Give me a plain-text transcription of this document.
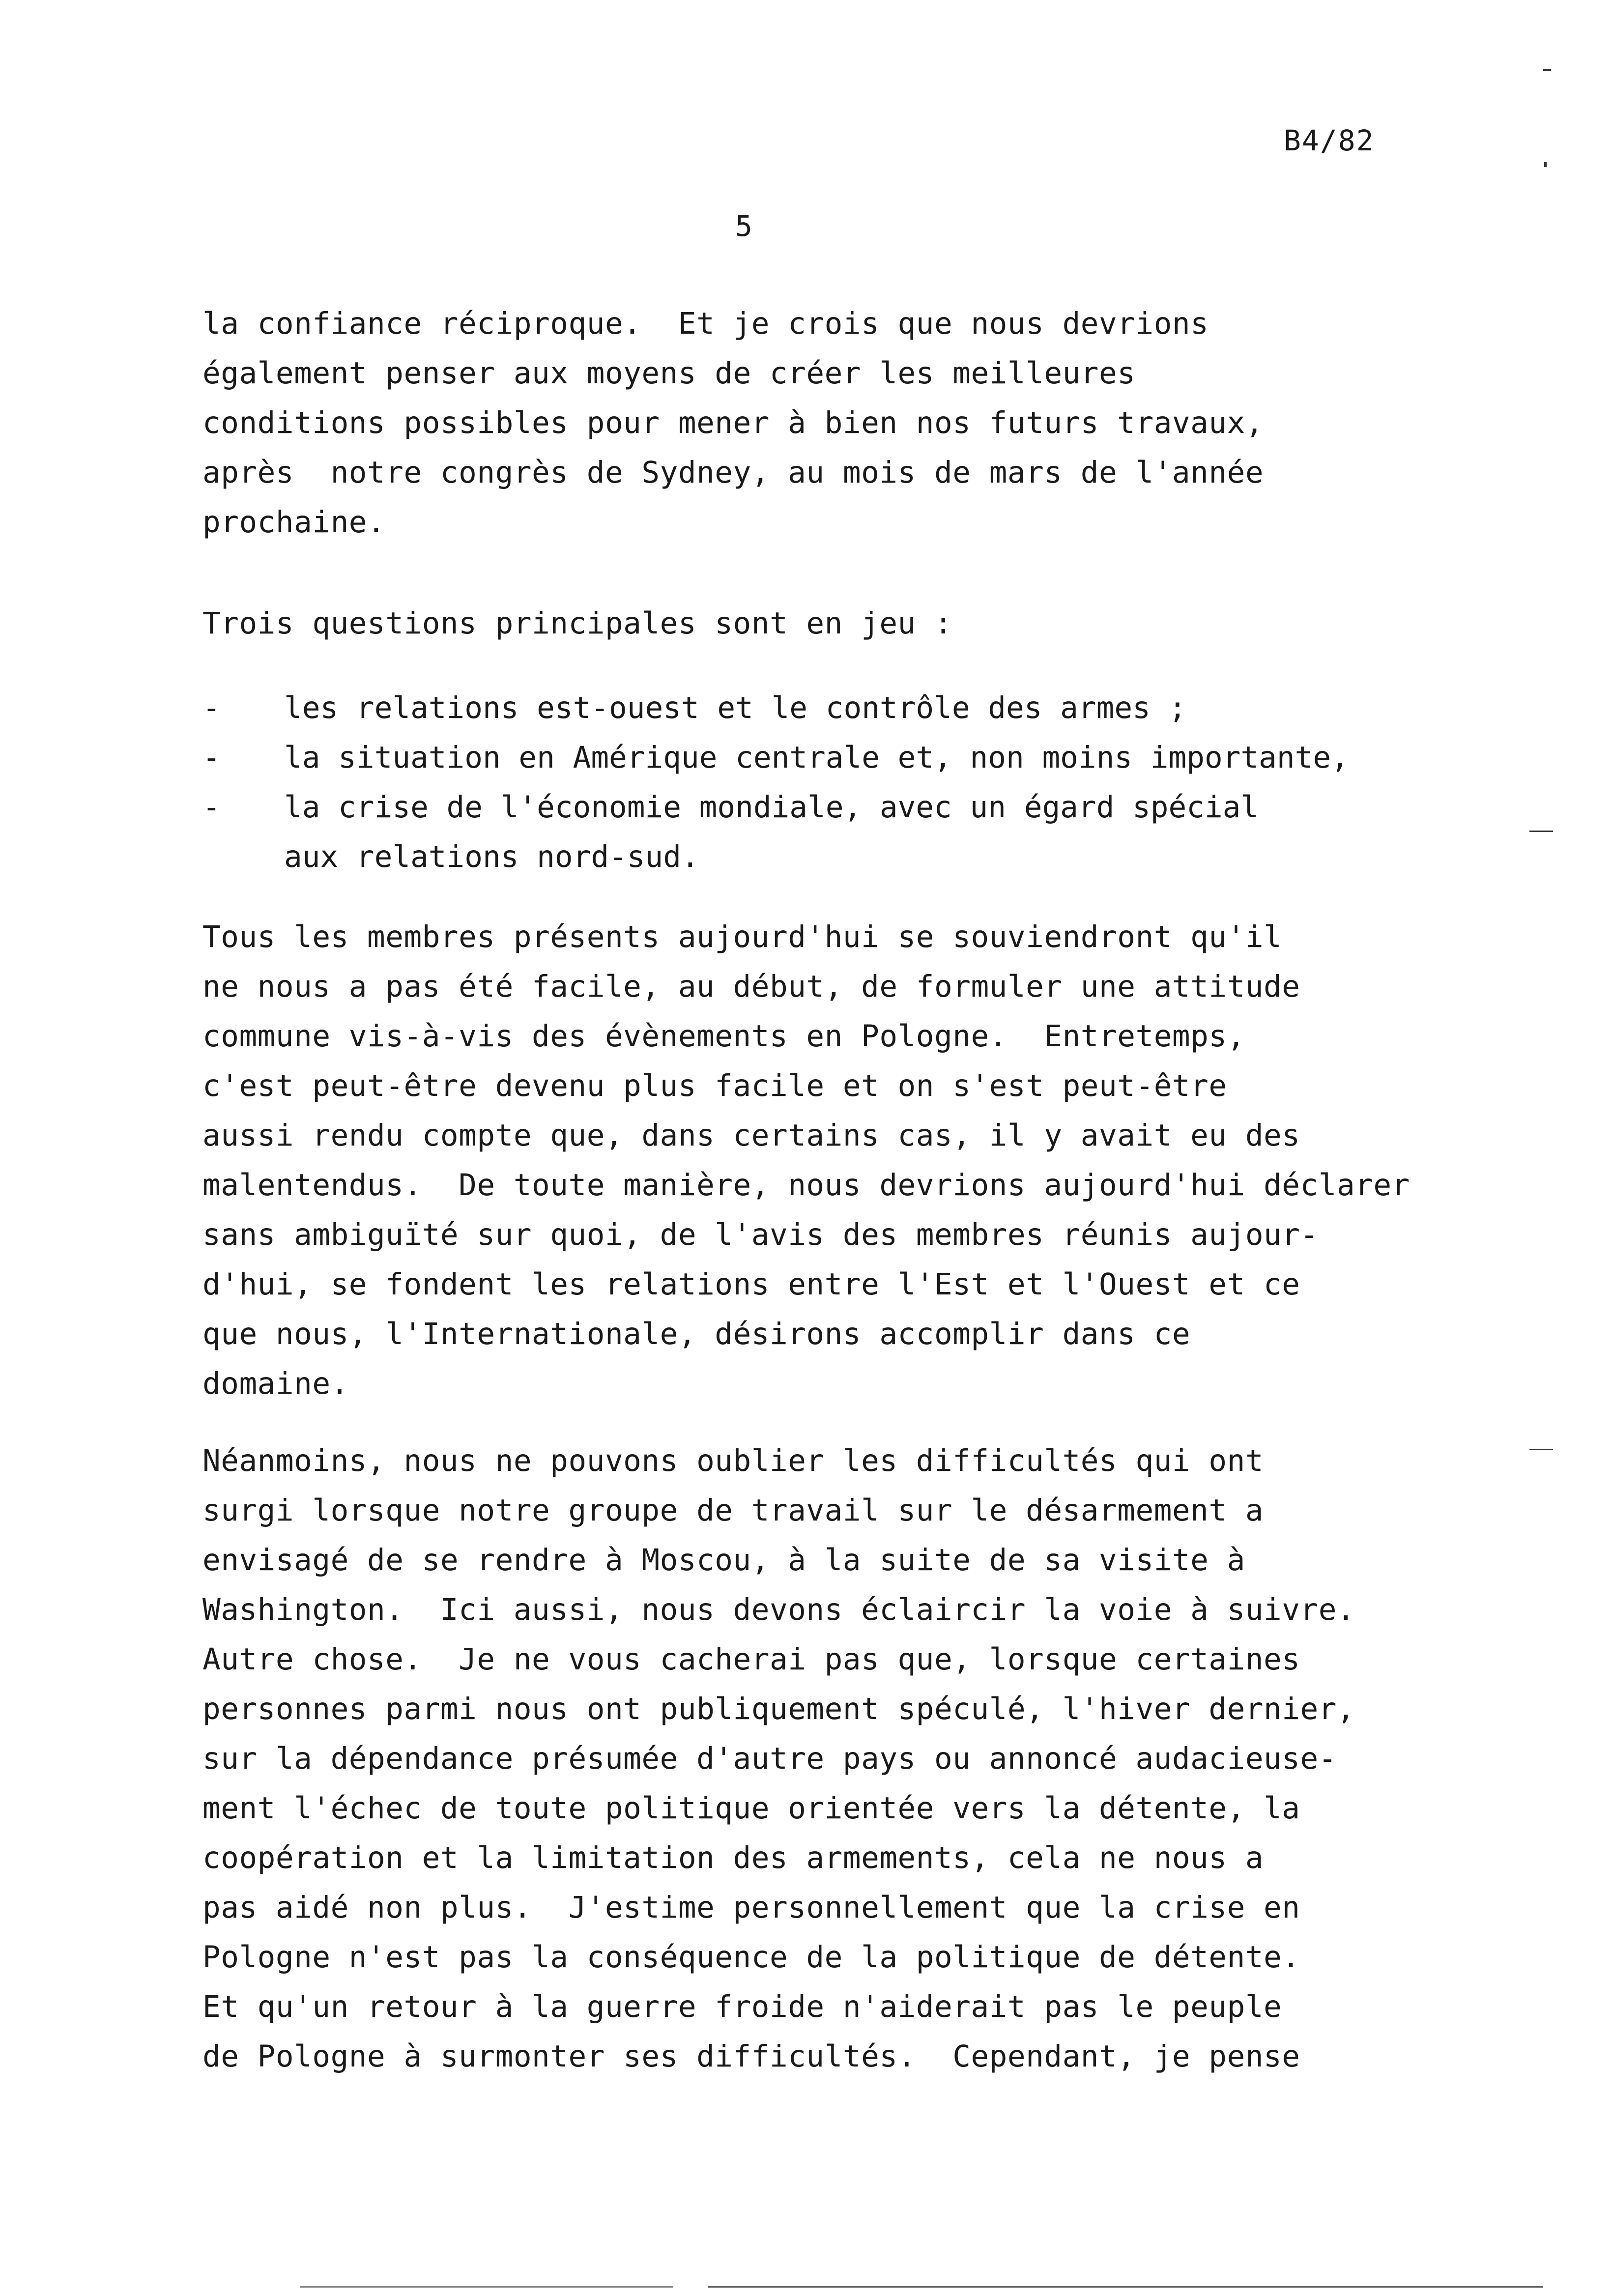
B4/82
5
la confiance réciproque.  Et je crois que nous devrions
également penser aux moyens de créer les meilleures
conditions possibles pour mener à bien nos futurs travaux,
après  notre congrès de Sydney, au mois de mars de l'année
prochaine.
Trois questions principales sont en jeu :
- les relations est-ouest et le contrôle des armes ;
- la situation en Amérique centrale et, non moins importante,
- la crise de l'économie mondiale, avec un égard spécial
aux relations nord-sud.
Tous les membres présents aujourd'hui se souviendront qu'il
ne nous a pas été facile, au début, de formuler une attitude
commune vis-à-vis des évènements en Pologne.  Entretemps,
c'est peut-être devenu plus facile et on s'est peut-être
aussi rendu compte que, dans certains cas, il y avait eu des
malentendus.  De toute manière, nous devrions aujourd'hui déclarer
sans ambiguïté sur quoi, de l'avis des membres réunis aujour-
d'hui, se fondent les relations entre l'Est et l'Ouest et ce
que nous, l'Internationale, désirons accomplir dans ce
domaine.
Néanmoins, nous ne pouvons oublier les difficultés qui ont
surgi lorsque notre groupe de travail sur le désarmement a
envisagé de se rendre à Moscou, à la suite de sa visite à
Washington.  Ici aussi, nous devons éclaircir la voie à suivre.
Autre chose.  Je ne vous cacherai pas que, lorsque certaines
personnes parmi nous ont publiquement spéculé, l'hiver dernier,
sur la dépendance présumée d'autre pays ou annoncé audacieuse-
ment l'échec de toute politique orientée vers la détente, la
coopération et la limitation des armements, cela ne nous a
pas aidé non plus.  J'estime personnellement que la crise en
Pologne n'est pas la conséquence de la politique de détente.
Et qu'un retour à la guerre froide n'aiderait pas le peuple
de Pologne à surmonter ses difficultés.  Cependant, je pense
